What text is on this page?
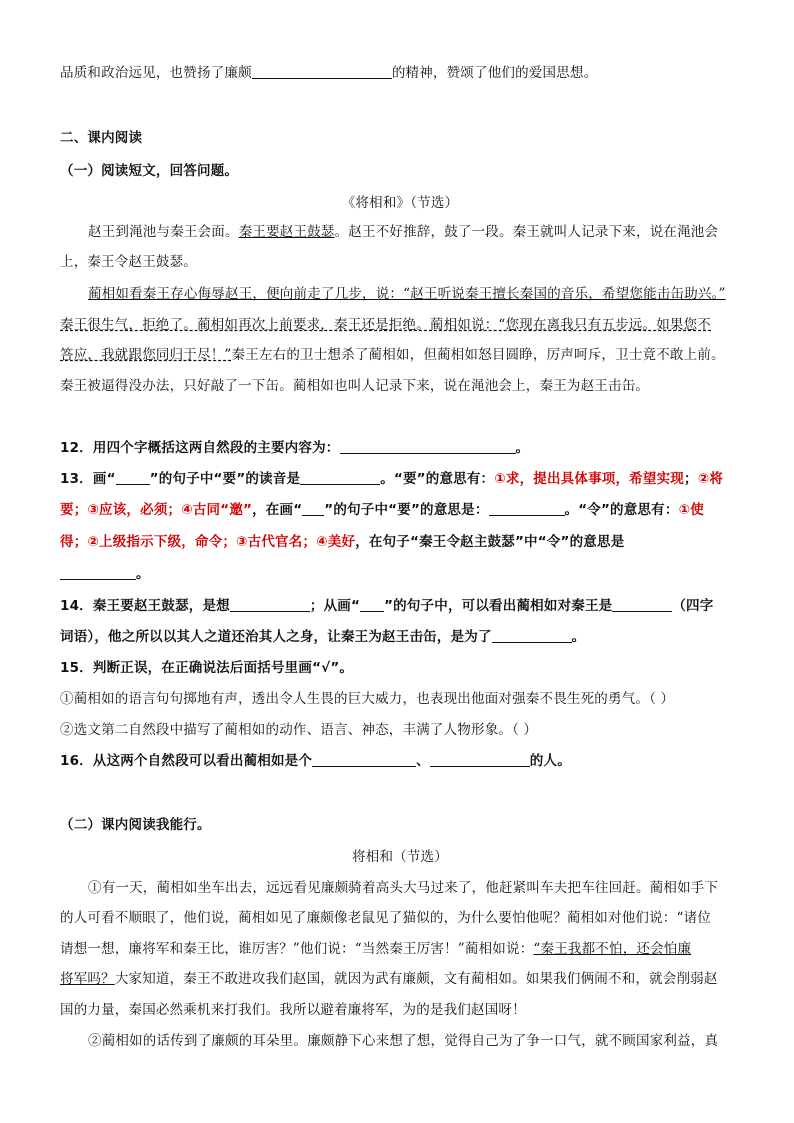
品质和政治远见，也赞扬了廉颇	的精神，赞颂了他们的爱国思想。
二、课内阅读
（一）阅读短文，回答问题。
《将相和》（节选）
赵王到渑池与秦王会面。秦王要赵王鼓瑟。赵王不好推辞，鼓了一段。秦王就叫人记录下来，说在渑池会
上，秦王令赵王鼓瑟。
蔺相如看秦王存心侮辱赵王，便向前走了几步，说：“赵王听说秦王擅长秦国的音乐，希望您能击缶助兴。”
秦王很生气，拒绝了。蔺相如再次上前要求，秦王还是拒绝。蔺相如说：“您现在离我只有五步远。如果您不
答应，我就跟您同归于尽！”秦王左右的卫士想杀了蔺相如，但蔺相如怒目圆睁，厉声呵斥，卫士竟不敢上前。
秦王被逼得没办法，只好敲了一下缶。蔺相如也叫人记录下来，说在渑池会上，秦王为赵王击缶。
12．用四个字概括这两自然段的主要内容为：	。
13．画“	”的句子中“要”的读音是	。“要”的意思有：①求，提出具体事项，希望实现；②将
要；③应该，必须；④古同“邀”，在画“ ”的句子中“要”的意思是：	。“令”的意思有：①使
得；②上级指示下级，命令；③古代官名；④美好，在句子“秦王令赵主鼓瑟”中“令”的意思是
。
14．秦王要赵王鼓瑟，是想	；从画“ ”的句子中，可以看出蔺相如对秦王是	（四字
词语），他之所以以其人之道还治其人之身，让秦王为赵王击缶，是为了	。
15．判断正误，在正确说法后面括号里画“√”。
①蔺相如的语言句句掷地有声，透出令人生畏的巨大威力，也表现出他面对强秦不畏生死的勇气。（ ）
②选文第二自然段中描写了蔺相如的动作、语言、神态，丰满了人物形象。（ ）
16．从这两个自然段可以看出蔺相如是个	、	的人。
（二）课内阅读我能行。
将相和（节选）
①有一天，蔺相如坐车出去，远远看见廉颇骑着高头大马过来了，他赶紧叫车夫把车往回赶。蔺相如手下
的人可看不顺眼了，他们说，蔺相如见了廉颇像老鼠见了猫似的，为什么要怕他呢？蔺相如对他们说：“诸位
请想一想，廉将军和秦王比，谁厉害？”他们说：“当然秦王厉害！”蔺相如说：“秦王我都不怕，还会怕廉
将军吗？大家知道，秦王不敢进攻我们赵国，就因为武有廉颇，文有蔺相如。如果我们俩闹不和，就会削弱赵
国的力量，秦国必然乘机来打我们。我所以避着廉将军，为的是我们赵国呀！
②蔺相如的话传到了廉颇的耳朵里。廉颇静下心来想了想，觉得自己为了争一口气，就不顾国家利益，真
